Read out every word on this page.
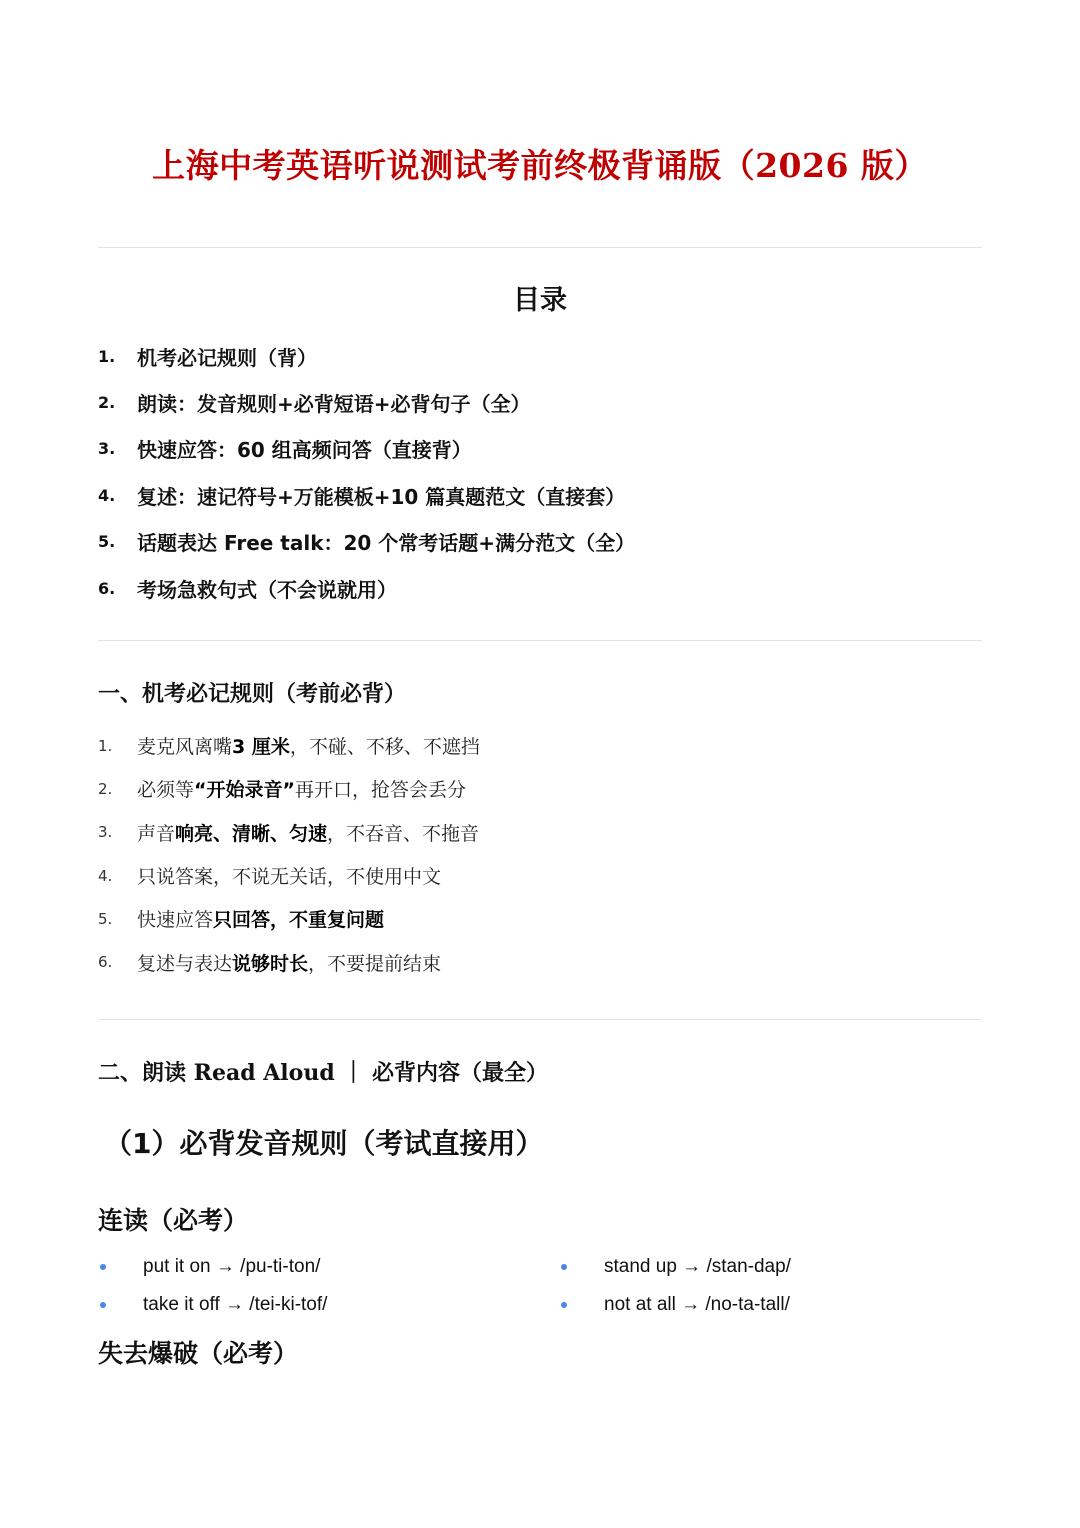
上海中考英语听说测试考前终极背诵版（2026 版）
目录
1.	机考必记规则（背）
2.	朗读：发音规则+必背短语+必背句子（全）
3.	快速应答：60 组高频问答（直接背）
4.	复述：速记符号+万能模板+10 篇真题范文（直接套）
5.	话题表达 Free talk：20 个常考话题+满分范文（全）
6.	考场急救句式（不会说就用）
一、机考必记规则（考前必背）
1.	麦克风离嘴 3 厘米 ，不碰、不移、不遮挡
2.	必须等 “开始录音” 再开口，抢答会丢分
3.	声音 响亮、清晰、匀速 ，不吞音、不拖音
4.	只说答案，不说无关话，不使用中文
5.	快速应答 只回答，不重复问题
6.	复述与表达 说够时长 ，不要提前结束
二、朗读 Read Aloud ｜ 必背内容（最全）
（1）必背发音规则（考试直接用）
连读（必考）
put it on → /pu-ti-ton/
take it off → /tei-ki-tof/
stand up → /stan-dap/
not at all → /no-ta-tall/
失去爆破（必考）
